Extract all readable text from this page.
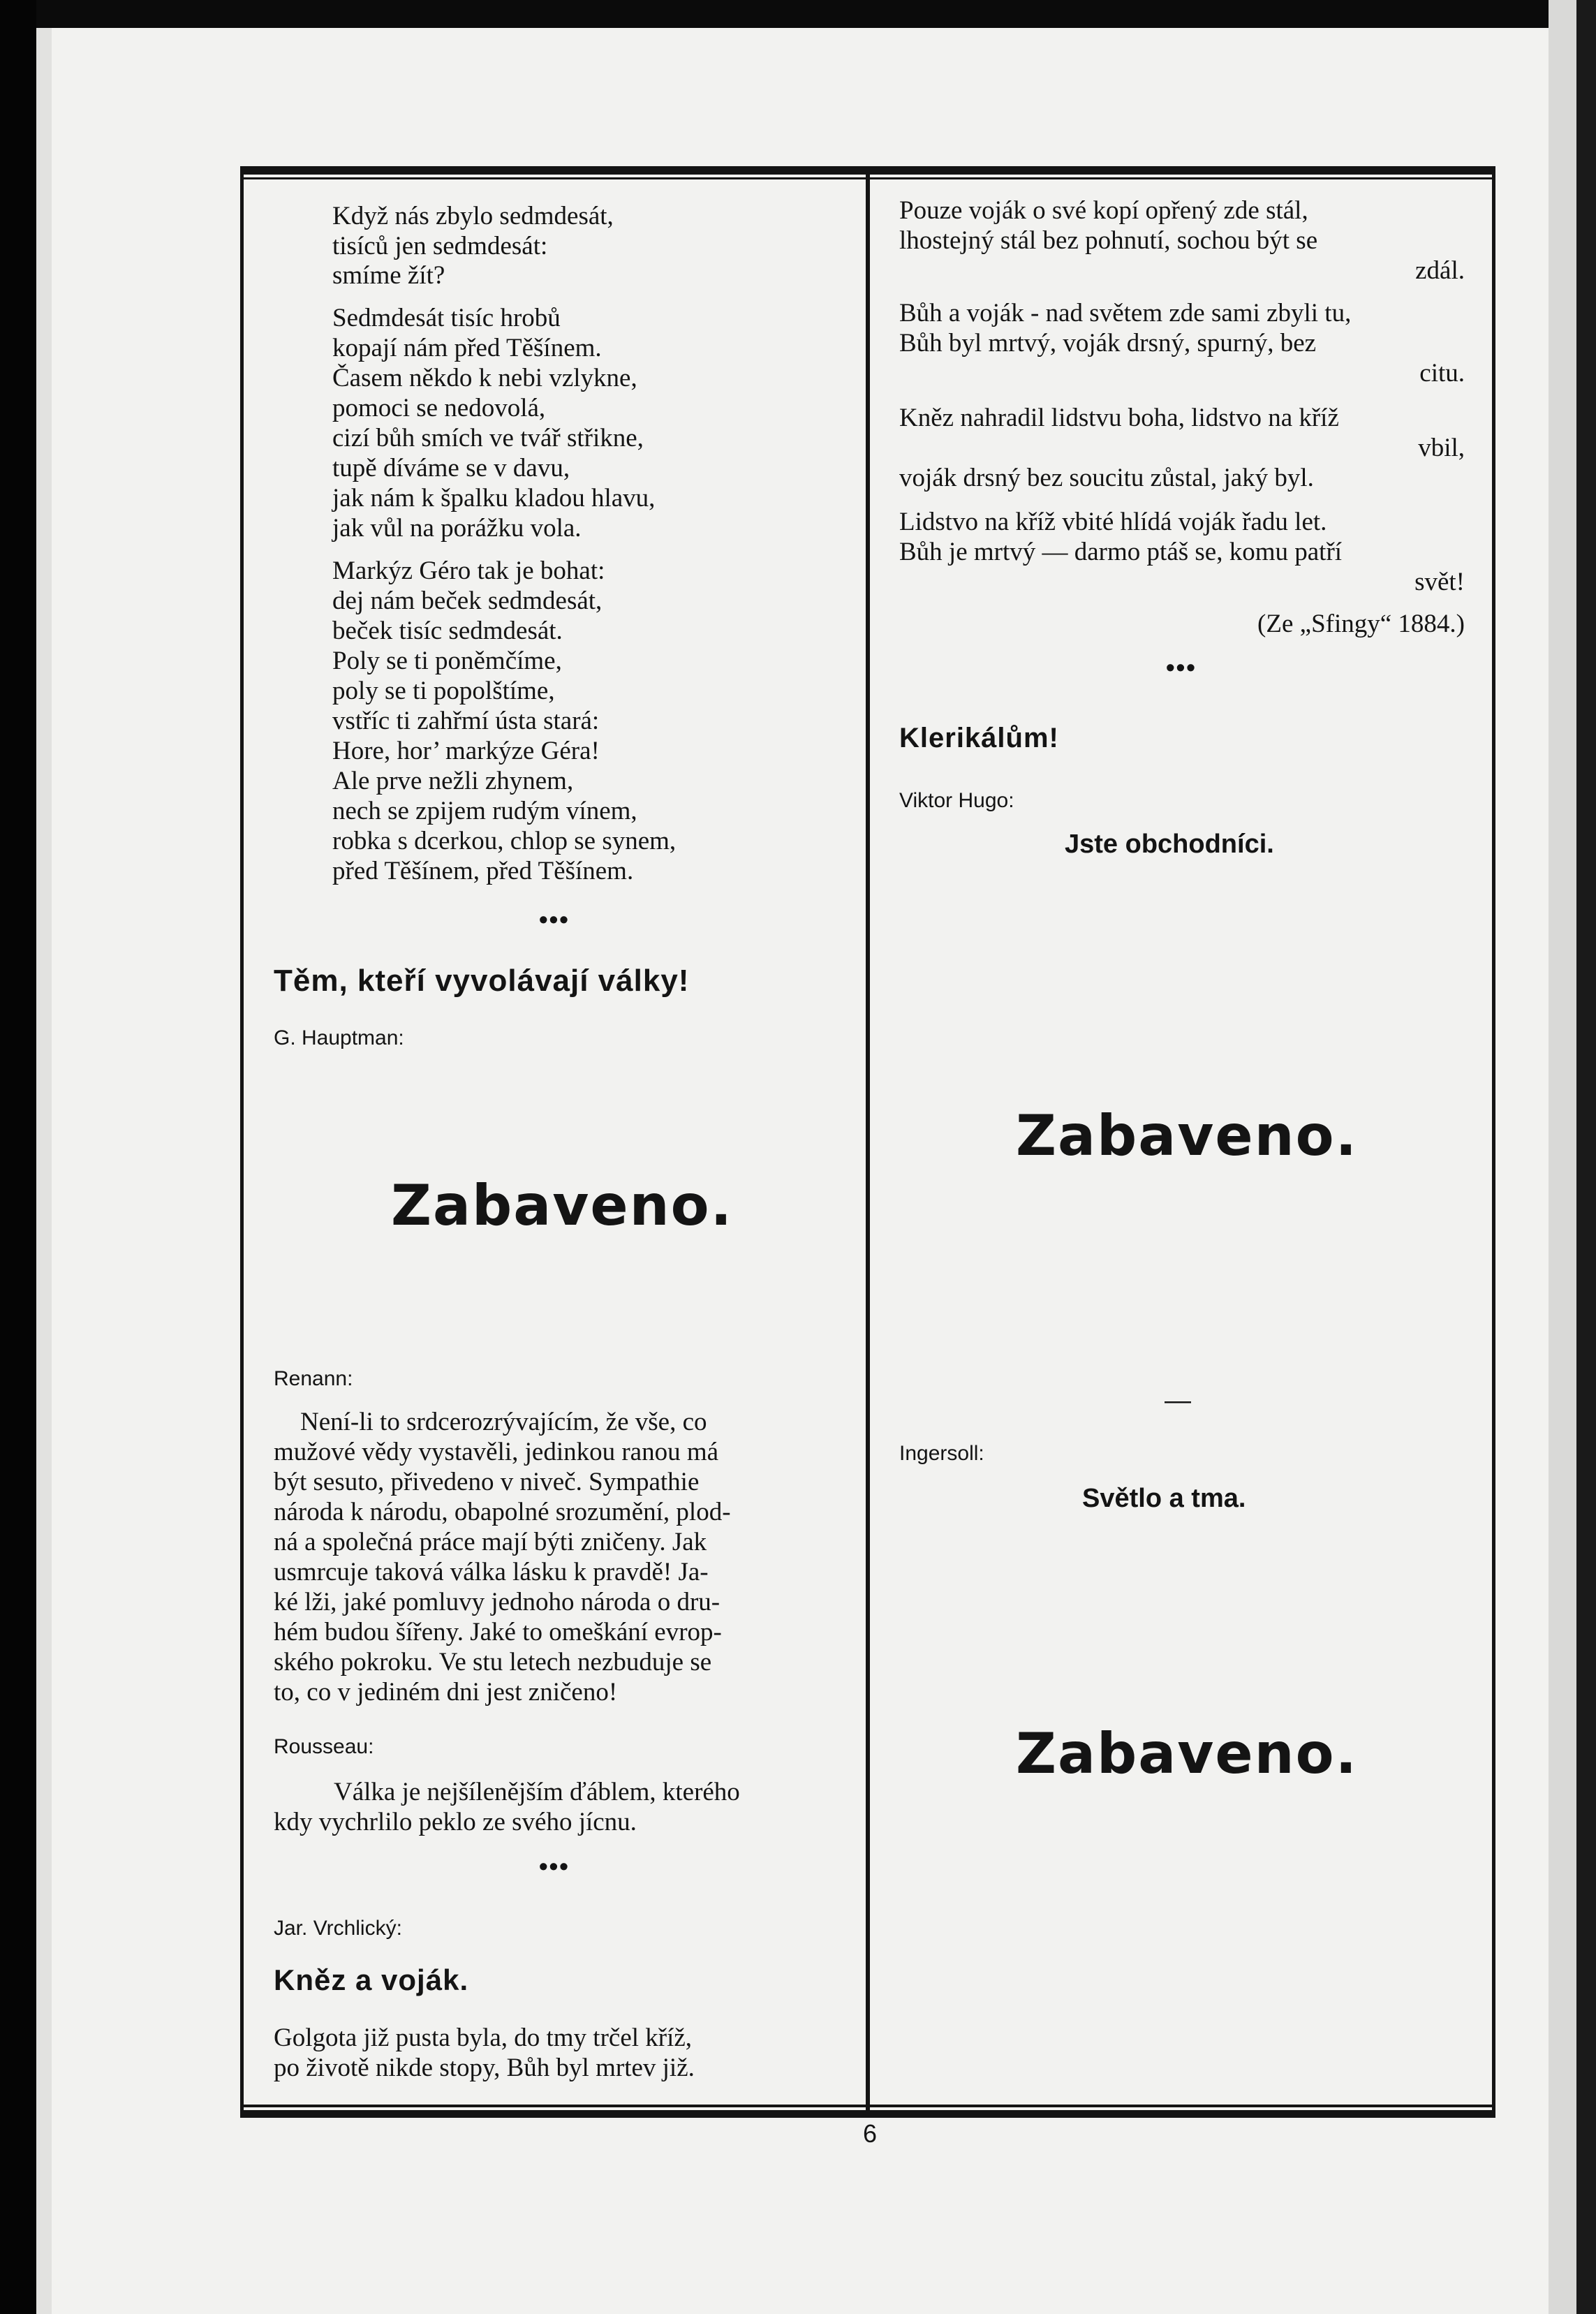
Když nás zbylo sedmdesát,

tisíců jen sedmdesát:

smíme žít?

Sedmdesát tisíc hrobů

kopají nám před Těšínem.

Časem někdo k nebi vzlykne,

pomoci se nedovolá,

cizí bůh smích ve tvář střikne,

tupě díváme se v davu,

jak nám k špalku kladou hlavu,

jak vůl na porážku vola.

Markýz Géro tak je bohat:

dej nám beček sedmdesát,

beček tisíc sedmdesát.

Poly se ti poněmčíme,

poly se ti popolštíme,

vstříc ti zahřmí ústa stará:

Hore, hor’ markýze Géra!

Ale prve nežli zhynem,

nech se zpijem rudým vínem,

robka s dcerkou, chlop se synem,

před Těšínem, před Těšínem.

•••

Těm, kteří vyvolávají války!

G. Hauptman:

Zabaveno.

Renann:

Není-li to srdcerozrývajícím, že vše, co

mužové vědy vystavěli, jedinkou ranou má

být sesuto, přivedeno v niveč. Sympathie

národa k národu, obapolné srozumění, plod-

ná a společná práce mají býti zničeny. Jak

usmrcuje taková válka lásku k pravdě! Ja-

ké lži, jaké pomluvy jednoho národa o dru-

hém budou šířeny. Jaké to omeškání evrop-

ského pokroku. Ve stu letech nezbuduje se

to, co v jediném dni jest zničeno!

Rousseau:

Válka je nejšílenějším ďáblem, kterého

kdy vychrlilo peklo ze svého jícnu.

•••

Jar. Vrchlický:

Kněz a voják.

Golgota již pusta byla, do tmy trčel kříž,

po životě nikde stopy, Bůh byl mrtev již.

Pouze voják o své kopí opřený zde stál,

lhostejný stál bez pohnutí, sochou být se

zdál.

Bůh a voják - nad světem zde sami zbyli tu,

Bůh byl mrtvý, voják drsný, spurný, bez

citu.

Kněz nahradil lidstvu boha, lidstvo na kříž

vbil,

voják drsný bez soucitu zůstal, jaký byl.

Lidstvo na kříž vbité hlídá voják řadu let.

Bůh je mrtvý — darmo ptáš se, komu patří

svět!

(Ze „Sfingy“ 1884.)

•••

Klerikálům!

Viktor Hugo:

Jste obchodníci.

Zabaveno.

—

Ingersoll:

Světlo a tma.

Zabaveno.

6
